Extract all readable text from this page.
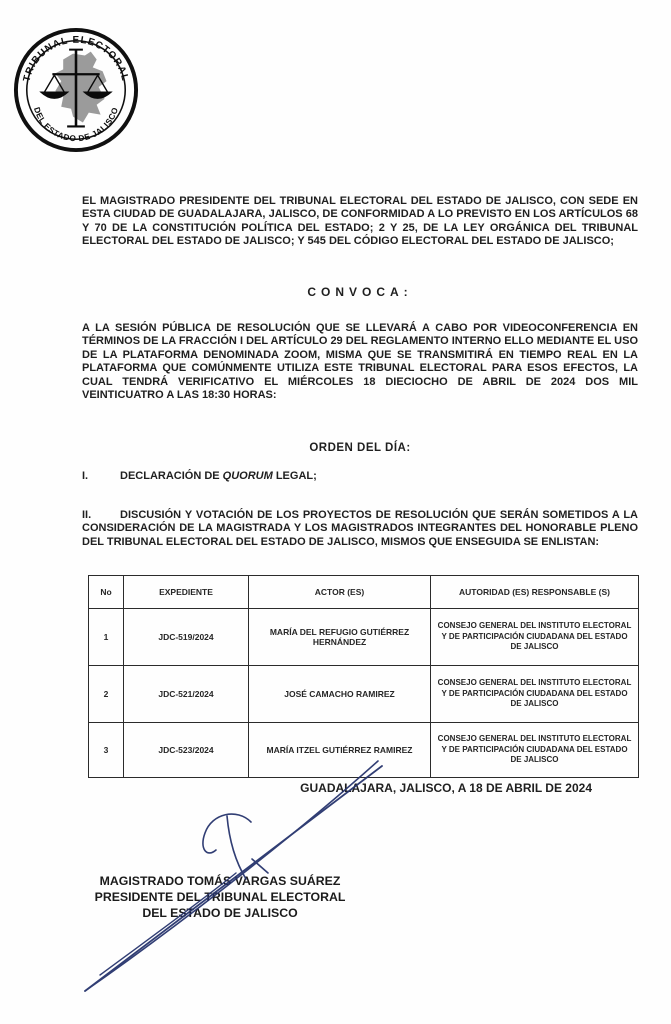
TRIBUNAL ELECTORAL
DEL ESTADO DE JALISCO

EL MAGISTRADO PRESIDENTE DEL TRIBUNAL ELECTORAL DEL ESTADO DE JALISCO, CON SEDE EN ESTA CIUDAD DE GUADALAJARA, JALISCO, DE CONFORMIDAD A LO PREVISTO EN LOS ARTÍCULOS 68 Y 70 DE LA CONSTITUCIÓN POLÍTICA DEL ESTADO; 2 Y 25, DE LA LEY ORGÁNICA DEL TRIBUNAL ELECTORAL DEL ESTADO DE JALISCO; Y 545 DEL CÓDIGO ELECTORAL DEL ESTADO DE JALISCO;

CONVOCA:

A LA SESIÓN PÚBLICA DE RESOLUCIÓN QUE SE LLEVARÁ A CABO POR VIDEOCONFERENCIA EN TÉRMINOS DE LA FRACCIÓN I DEL ARTÍCULO 29 DEL REGLAMENTO INTERNO ELLO MEDIANTE EL USO DE LA PLATAFORMA DENOMINADA ZOOM, MISMA QUE SE TRANSMITIRÁ EN TIEMPO REAL EN LA PLATAFORMA QUE COMÚNMENTE UTILIZA ESTE TRIBUNAL ELECTORAL PARA ESOS EFECTOS, LA CUAL TENDRÁ VERIFICATIVO EL MIÉRCOLES 18 DIECIOCHO DE ABRIL DE 2024 DOS MIL VEINTICUATRO A LAS 18:30 HORAS:

ORDEN DEL DÍA:
I.	DECLARACIÓN DE QUORUM LEGAL;

II.	DISCUSIÓN Y VOTACIÓN DE LOS PROYECTOS DE RESOLUCIÓN QUE SERÁN SOMETIDOS A LA CONSIDERACIÓN DE LA MAGISTRADA Y LOS MAGISTRADOS INTEGRANTES DEL HONORABLE PLENO DEL TRIBUNAL ELECTORAL DEL ESTADO DE JALISCO, MISMOS QUE ENSEGUIDA SE ENLISTAN:

No	EXPEDIENTE	ACTOR (ES)	AUTORIDAD (ES) RESPONSABLE (S)
1	JDC-519/2024	MARÍA DEL REFUGIO GUTIÉRREZ HERNÁNDEZ	CONSEJO GENERAL DEL INSTITUTO ELECTORAL Y DE PARTICIPACIÓN CIUDADANA DEL ESTADO DE JALISCO
2	JDC-521/2024	JOSÉ CAMACHO RAMIREZ	CONSEJO GENERAL DEL INSTITUTO ELECTORAL Y DE PARTICIPACIÓN CIUDADANA DEL ESTADO DE JALISCO
3	JDC-523/2024	MARÍA ITZEL GUTIÉRREZ RAMIREZ	CONSEJO GENERAL DEL INSTITUTO ELECTORAL Y DE PARTICIPACIÓN CIUDADANA DEL ESTADO DE JALISCO
GUADALAJARA, JALISCO, A 18 DE ABRIL DE 2024
MAGISTRADO TOMÁS VARGAS SUÁREZ
PRESIDENTE DEL TRIBUNAL ELECTORAL
DEL ESTADO DE JALISCO
